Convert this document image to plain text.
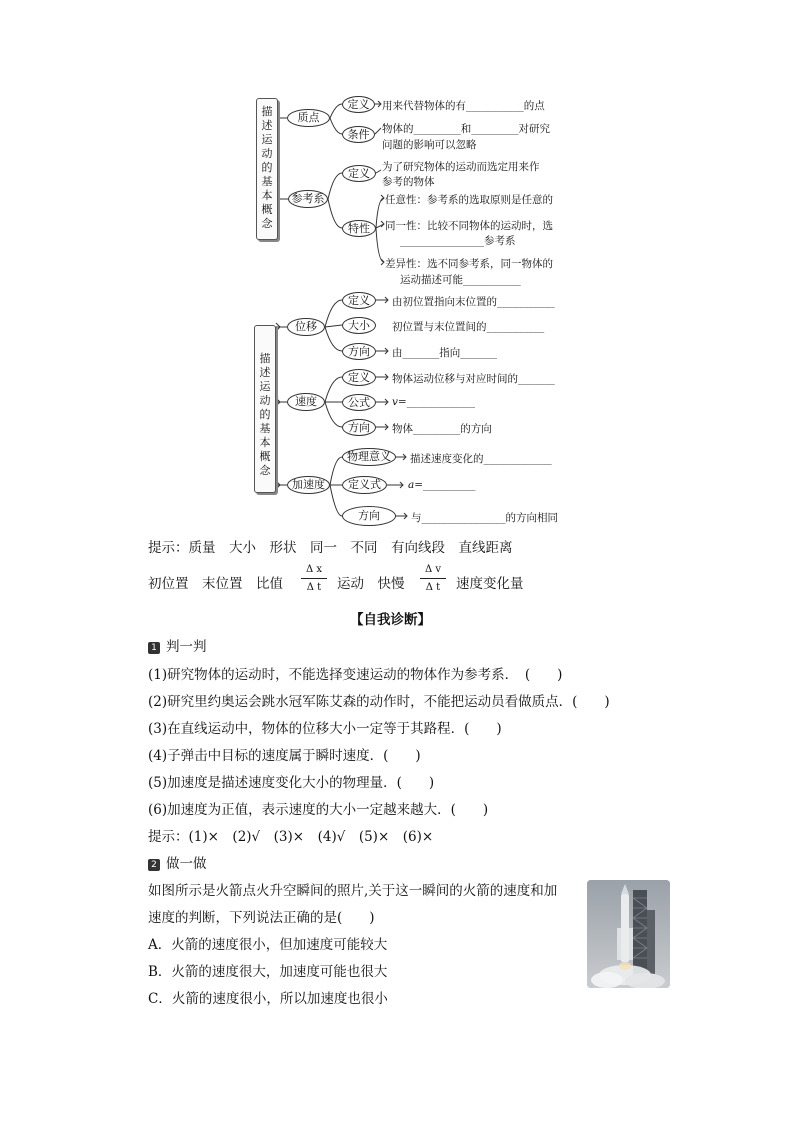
描
述
运
动
的
基
本
概
念
质点
参考系
定义
条件
定义
特性
用来代替物体的有___________的点
物体的_________和_________对研究
问题的影响可以忽略
为了研究物体的运动而选定用来作
参考的物体
任意性：参考系的选取原则是任意的
同一性：比较不同物体的运动时，选
________________参考系
差异性：选不同参考系，同一物体的
运动描述可能___________
描
述
运
动
的
基
本
概
念
位移
速度
加速度
定义
大小
方向
定义
公式
方向
物理意义
定义式
方向
由初位置指向末位置的___________
初位置与末位置间的___________
由_______指向_______
物体运动位移与对应时间的_______
v=_____________
物体_________的方向
描述速度变化的_____________
a=__________
与________________的方向相同
提示：质量　大小　形状　同一　不同　有向线段　直线距离
初位置　末位置　比值 $\frac{\text{Δ x}}{\text{Δ t}}$ 运动　快慢 $\frac{\text{Δ v}}{\text{Δ t}}$ 速度变化量
【自我诊断】
1 判一判
(1)研究物体的运动时，不能选择变速运动的物体作为参考系．　(　　)
(2)研究里约奥运会跳水冠军陈艾森的动作时，不能把运动员看做质点．(　　)
(3)在直线运动中，物体的位移大小一定等于其路程．(　　)
(4)子弹击中目标的速度属于瞬时速度．(　　)
(5)加速度是描述速度变化大小的物理量．(　　)
(6)加速度为正值，表示速度的大小一定越来越大．(　　)
提示：(1)×　(2)√　(3)×　(4)√　(5)×　(6)×
2 做一做
如图所示是火箭点火升空瞬间的照片,关于这一瞬间的火箭的速度和加
速度的判断，下列说法正确的是(　　)
A．火箭的速度很小，但加速度可能较大
B．火箭的速度很大，加速度可能也很大
C．火箭的速度很小，所以加速度也很小
